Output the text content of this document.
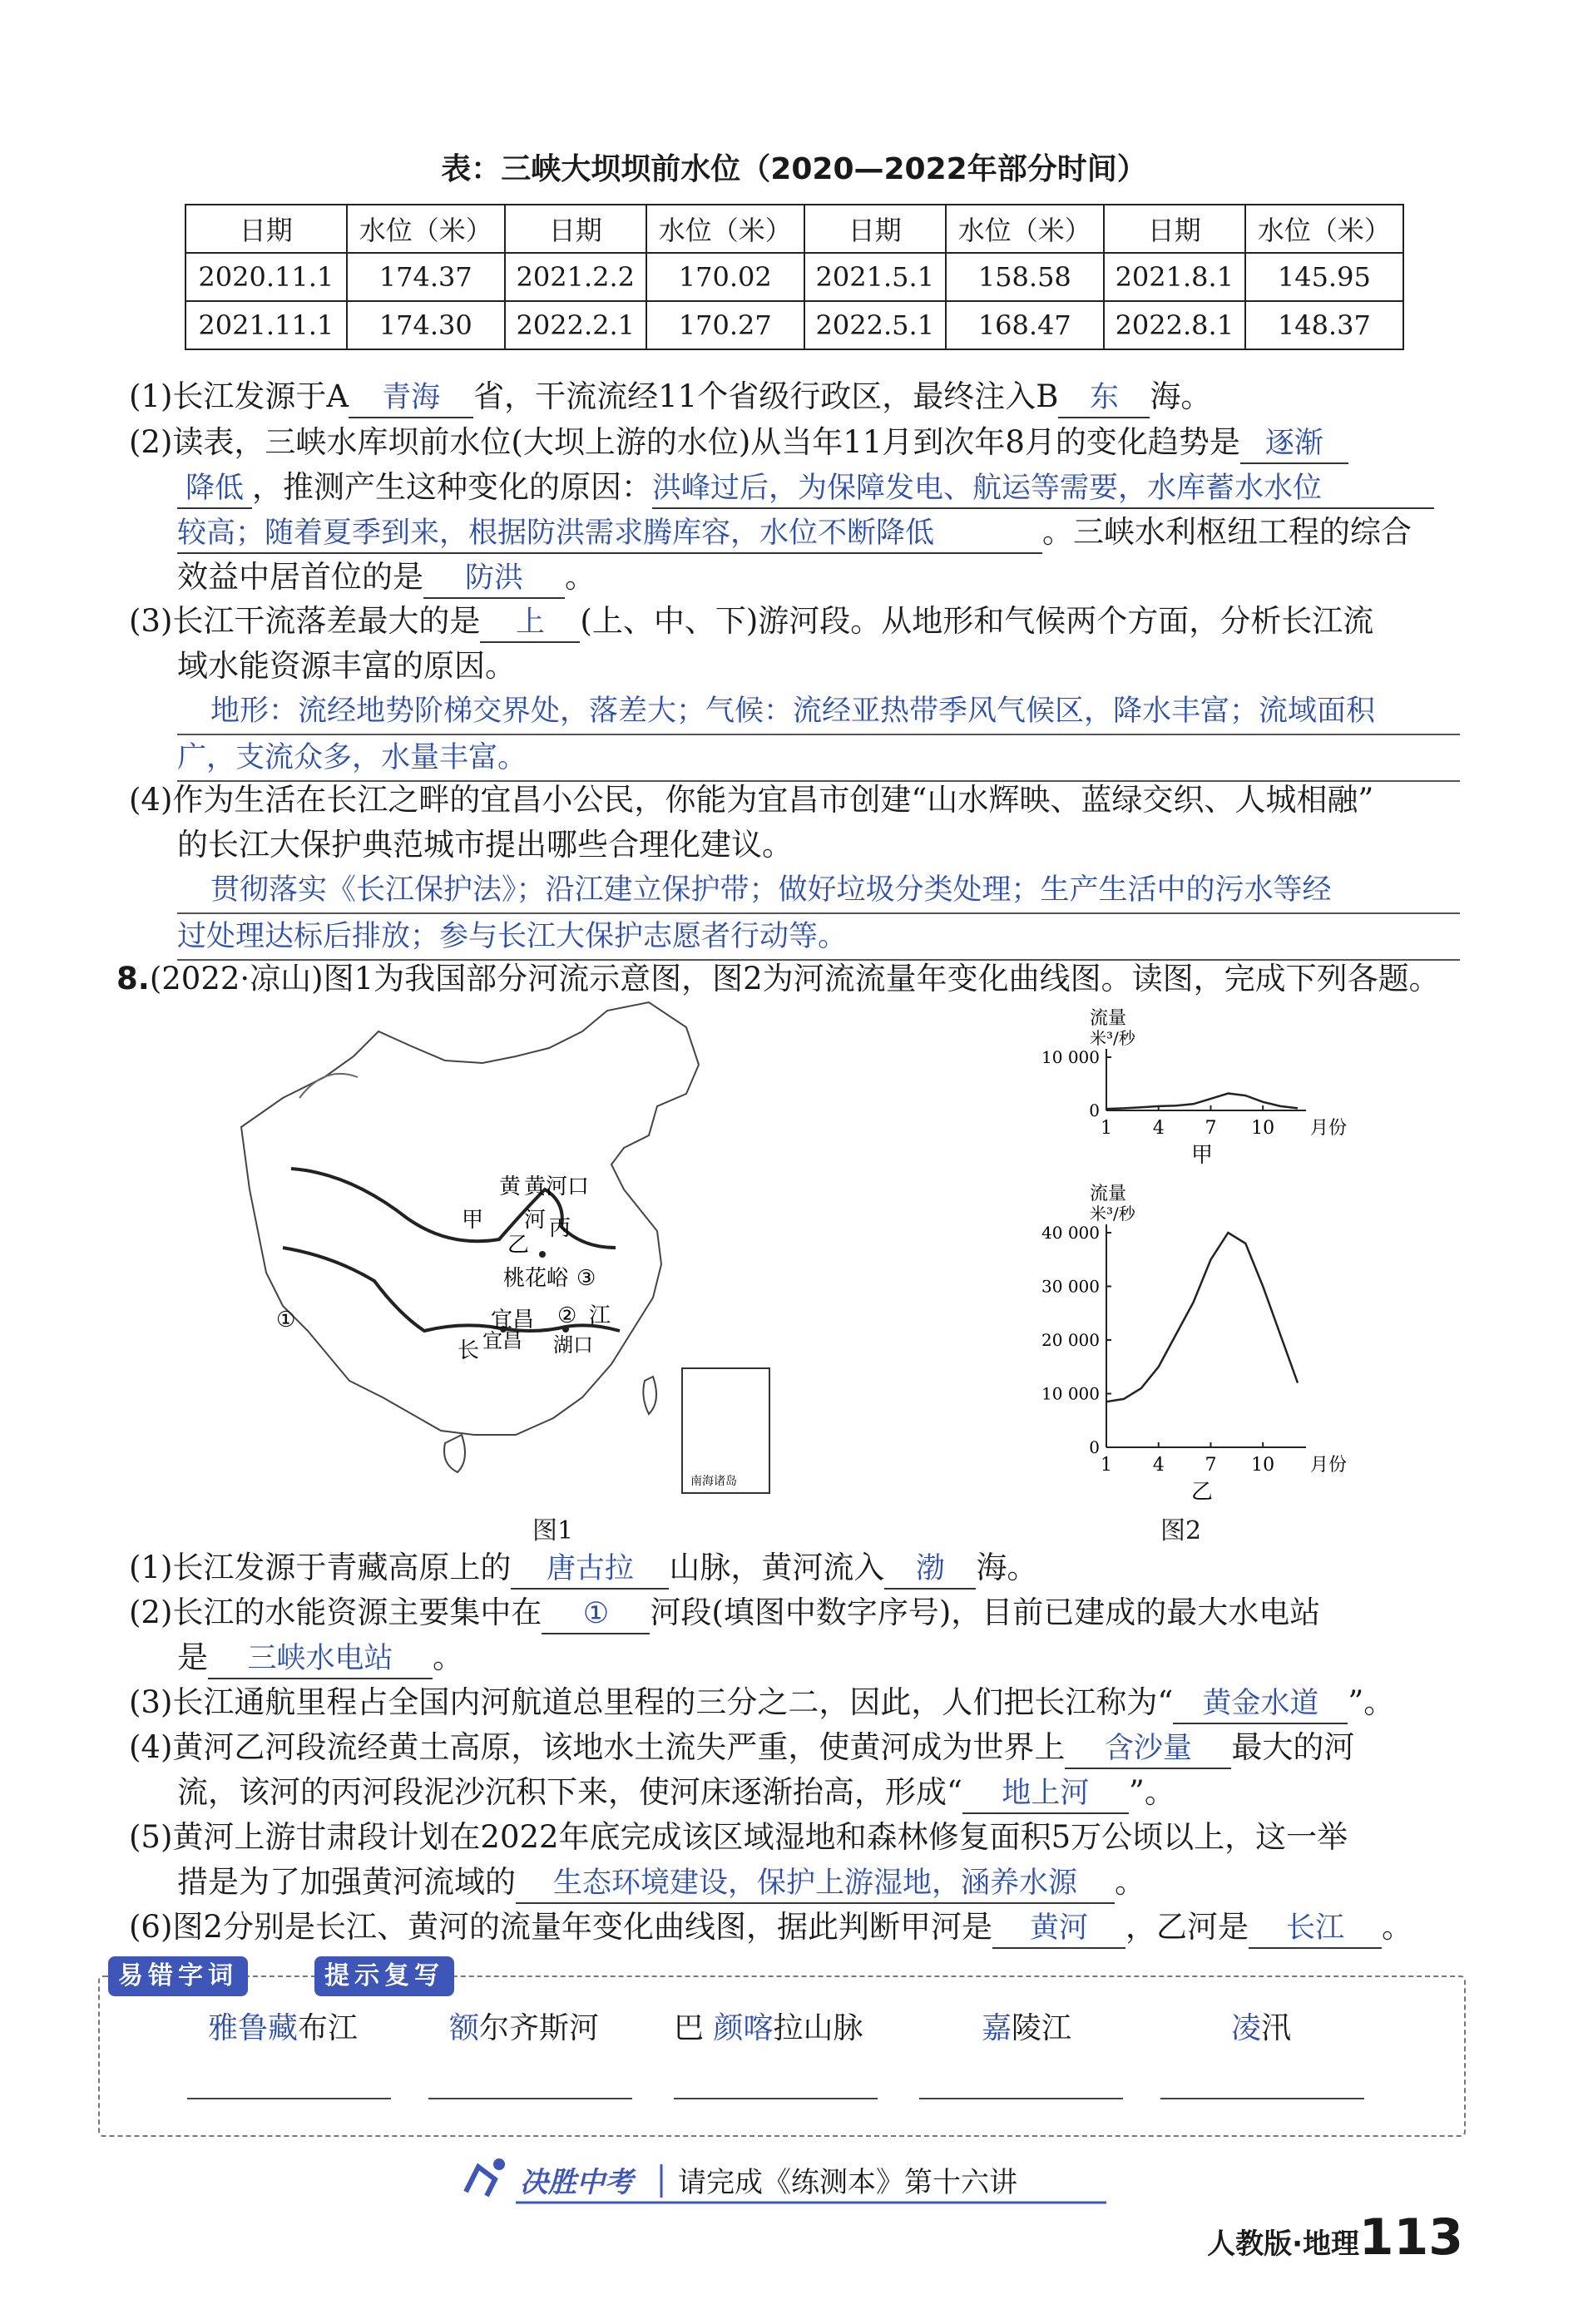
表：三峡大坝坝前水位（2020—2022年部分时间）
日期	水位（米）	日期	水位（米）	日期	水位（米）	日期	水位（米）
2020.11.1	174.37	2021.2.2	170.02	2021.5.1	158.58	2021.8.1	145.95
2021.11.1	174.30	2022.2.1	170.27	2022.5.1	168.47	2022.8.1	148.37
(1)长江发源于A 青海 省，干流流经11个省级行政区，最终注入B 东 海。
(2)读表，三峡水库坝前水位(大坝上游的水位)从当年11月到次年8月的变化趋势是 逐渐
降低 ，推测产生这种变化的原因：洪峰过后，为保障发电、航运等需要，水库蓄水水位
较高；随着夏季到来，根据防洪需求腾库容，水位不断降低	。三峡水利枢纽工程的综合
效益中居首位的是 防洪 。
(3)长江干流落差最大的是 上 (上、中、下)游河段。从地形和气候两个方面，分析长江流
域水能资源丰富的原因。
地形：流经地势阶梯交界处，落差大；气候：流经亚热带季风气候区，降水丰富；流域面积
广，支流众多，水量丰富。
(4)作为生活在长江之畔的宜昌小公民，你能为宜昌市创建“山水辉映、蓝绿交织、人城相融”
的长江大保护典范城市提出哪些合理化建议。
贯彻落实《长江保护法》；沿江建立保护带；做好垃圾分类处理；生产生活中的污水等经
过处理达标后排放；参与长江大保护志愿者行动等。
8.(2022·凉山)图1为我国部分河流示意图，图2为河流流量年变化曲线图。读图，完成下列各题。
南海诸岛
黄 黄河口
甲 河
乙
丙
桃花峪 ③
宜昌 ②
①	江
长 宜昌 湖口
图1
流量
米³/秒
0
10 000
1 4 7 10 月份
甲
流量
米³/秒
0
10 000
20 000
30 000
40 000
1 4 7 10 月份
乙
图2
(1)长江发源于青藏高原上的 唐古拉 山脉，黄河流入 渤 海。
(2)长江的水能资源主要集中在 ① 河段(填图中数字序号)，目前已建成的最大水电站
是 三峡水电站 。
(3)长江通航里程占全国内河航道总里程的三分之二，因此，人们把长江称为“ 黄金水道 ”。
(4)黄河乙河段流经黄土高原，该地水土流失严重，使黄河成为世界上 含沙量 最大的河
流，该河的丙河段泥沙沉积下来，使河床逐渐抬高，形成“ 地上河 ”。
(5)黄河上游甘肃段计划在2022年底完成该区域湿地和森林修复面积5万公顷以上，这一举
措是为了加强黄河流域的 生态环境建设，保护上游湿地，涵养水源 。
(6)图2分别是长江、黄河的流量年变化曲线图，据此判断甲河是 黄河 ，乙河是 长江 。
易错字词	提示复写
雅鲁藏布江	额尔齐斯河 巴 颜喀拉山脉	嘉陵江	凌汛
决胜中考 请完成《练测本》第十六讲
人教版·地理 113
